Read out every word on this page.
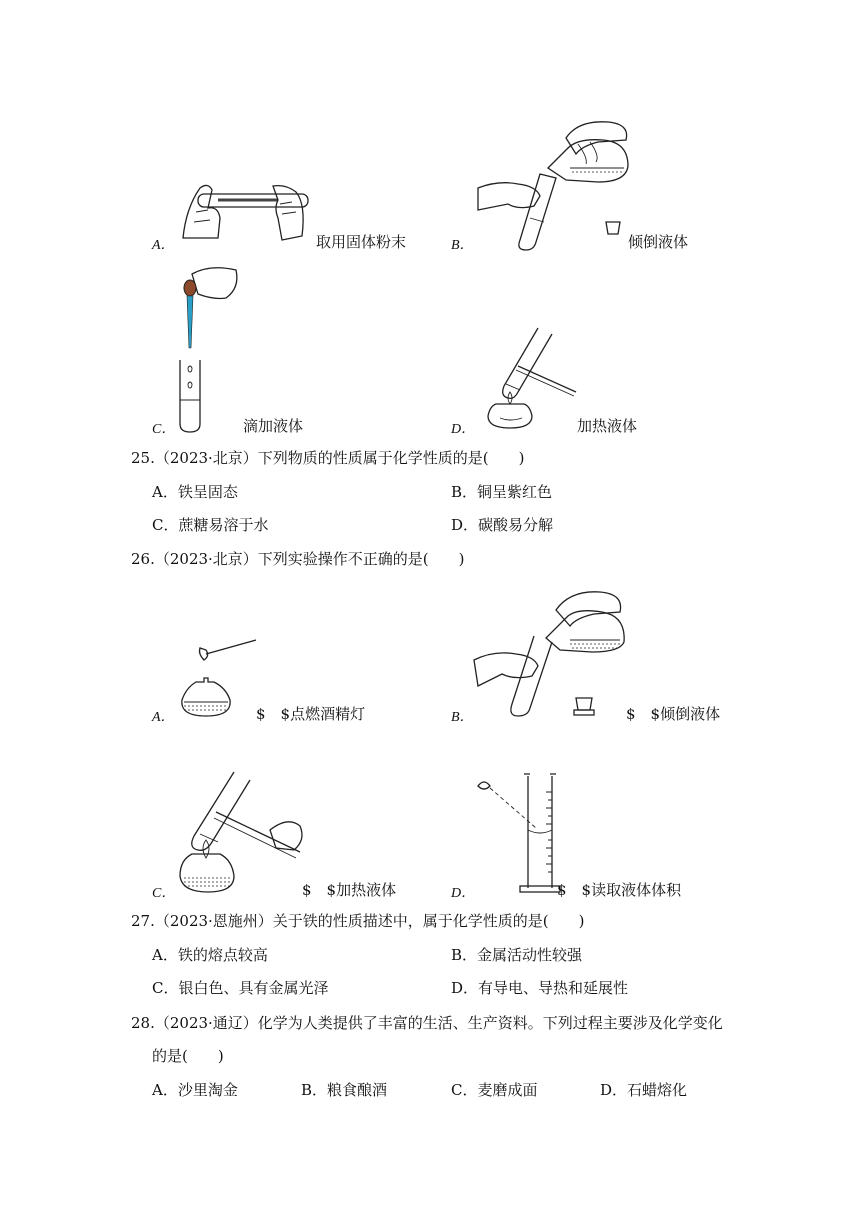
A．	取用固体粉末	B．	倾倒液体
C．	滴加液体	D．	加热液体
25.（2023·北京）下列物质的性质属于化学性质的是(　　)
A．铁呈固态	B．铜呈紫红色
C．蔗糖易溶于水	D．碳酸易分解
26.（2023·北京）下列实验操作不正确的是(　　)
A．	$　$点燃酒精灯	B．	$　$倾倒液体
C．	$　$加热液体	D．	$　$读取液体体积
27.（2023·恩施州）关于铁的性质描述中，属于化学性质的是(　　)
A．铁的熔点较高	B．金属活动性较强
C．银白色、具有金属光泽	D．有导电、导热和延展性
28.（2023·通辽）化学为人类提供了丰富的生活、生产资料。下列过程主要涉及化学变化
的是(　　)
A．沙里淘金	B．粮食酿酒	C．麦磨成面	D．石蜡熔化
